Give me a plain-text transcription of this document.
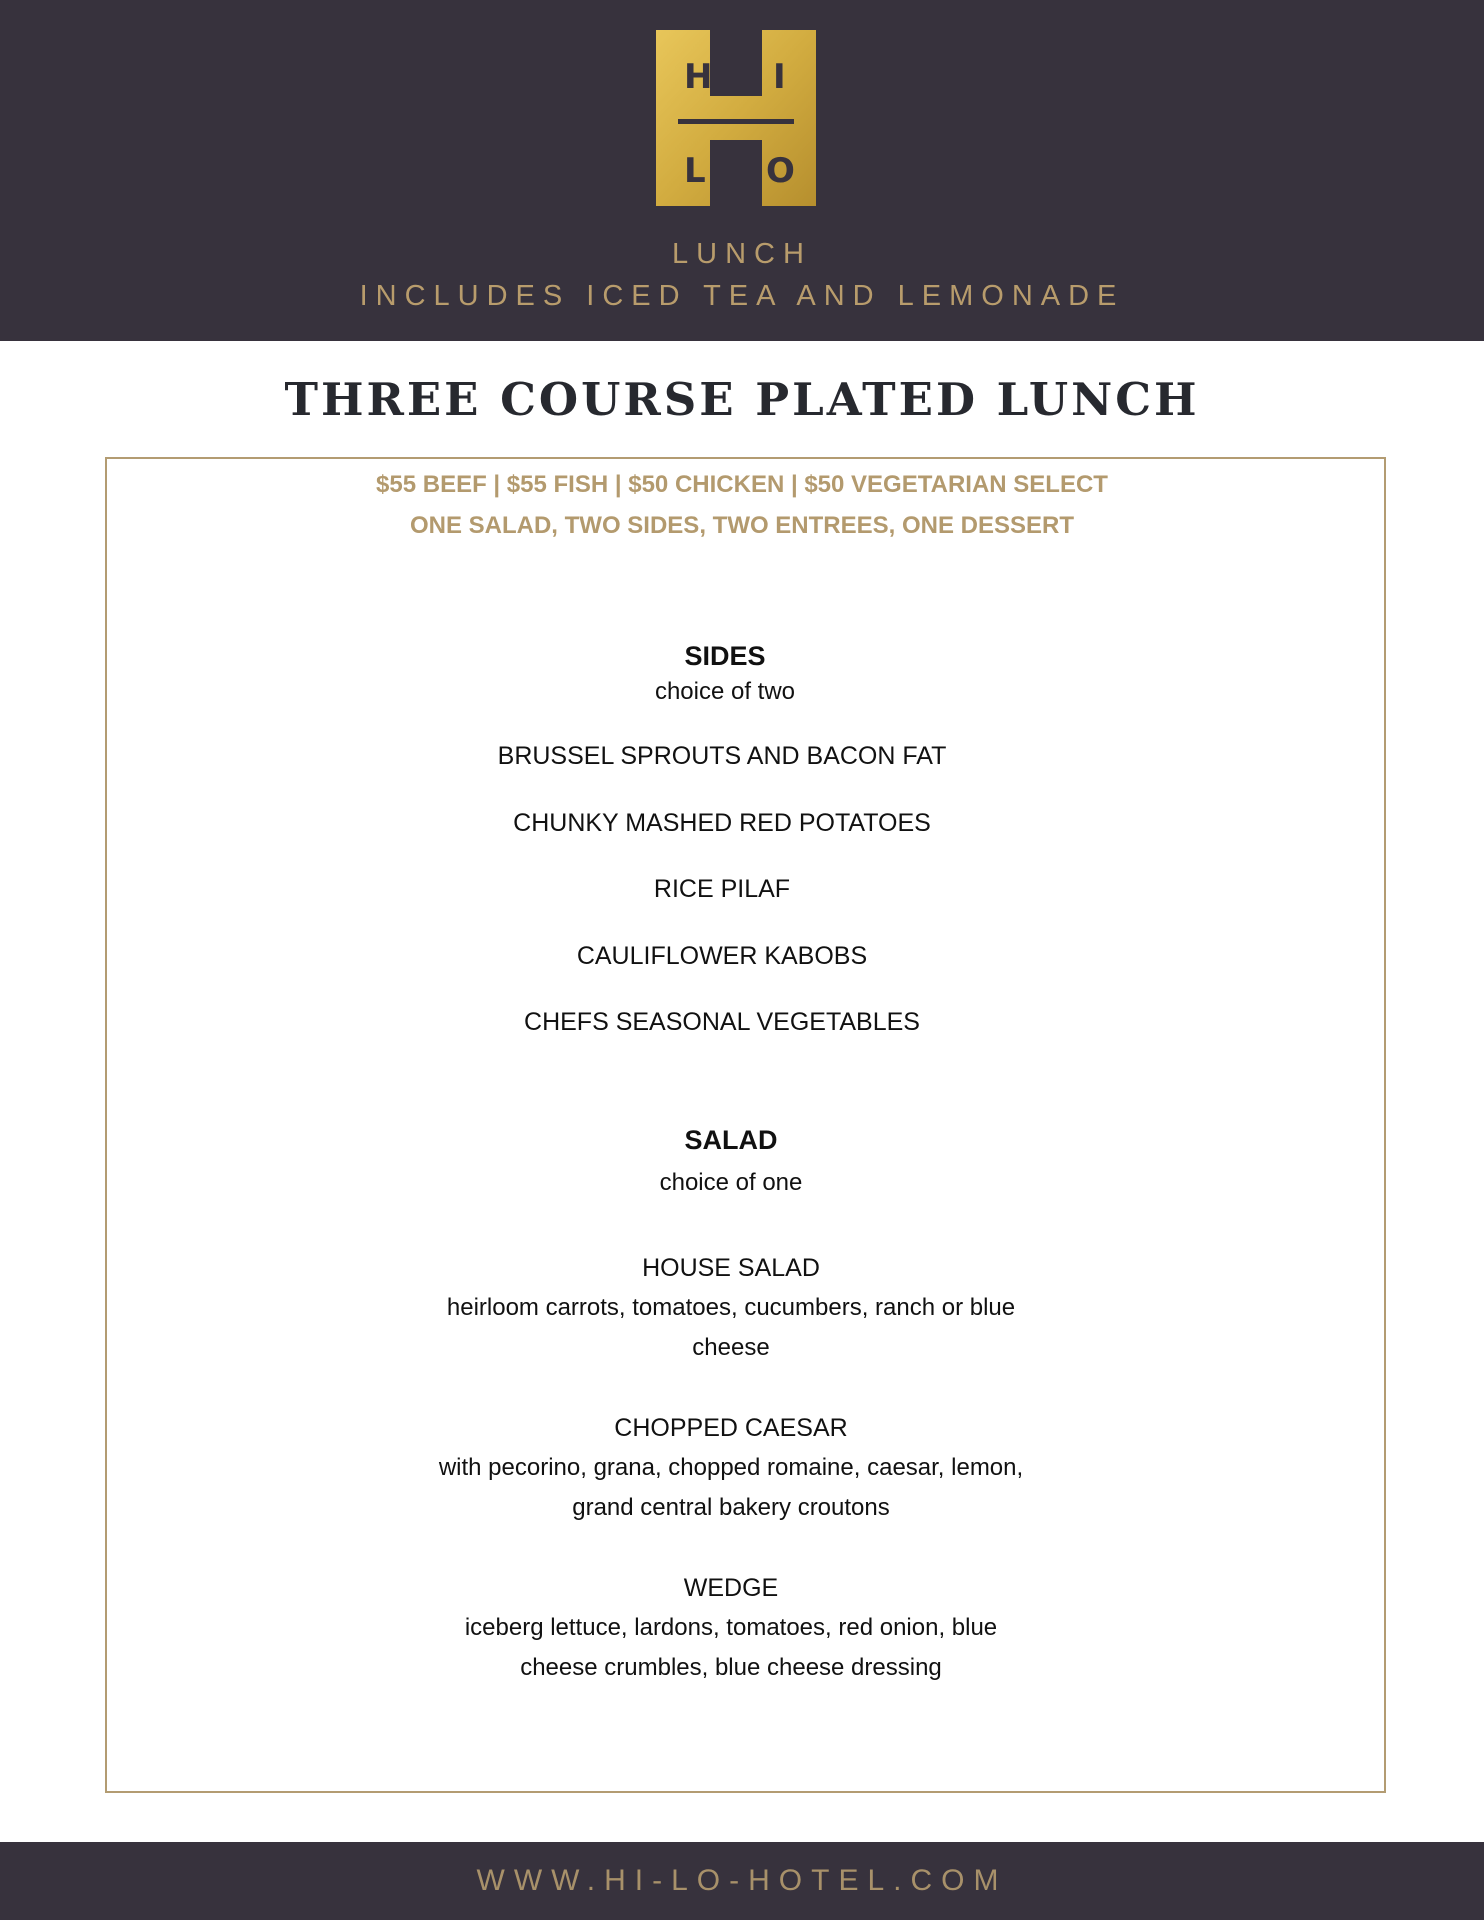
H I
L O
LUNCH
INCLUDES ICED TEA AND LEMONADE
THREE COURSE PLATED LUNCH
$55 BEEF | $55 FISH | $50 CHICKEN | $50 VEGETARIAN SELECT
ONE SALAD, TWO SIDES, TWO ENTREES, ONE DESSERT
SIDES
choice of two
BRUSSEL SPROUTS AND BACON FAT
CHUNKY MASHED RED POTATOES
RICE PILAF
CAULIFLOWER KABOBS
CHEFS SEASONAL VEGETABLES
SALAD
choice of one
HOUSE SALAD
heirloom carrots, tomatoes, cucumbers, ranch or blue cheese
CHOPPED CAESAR
with pecorino, grana, chopped romaine, caesar, lemon, grand central bakery croutons
WEDGE
iceberg lettuce, lardons, tomatoes, red onion, blue cheese crumbles, blue cheese dressing
WWW.HI-LO-HOTEL.COM
